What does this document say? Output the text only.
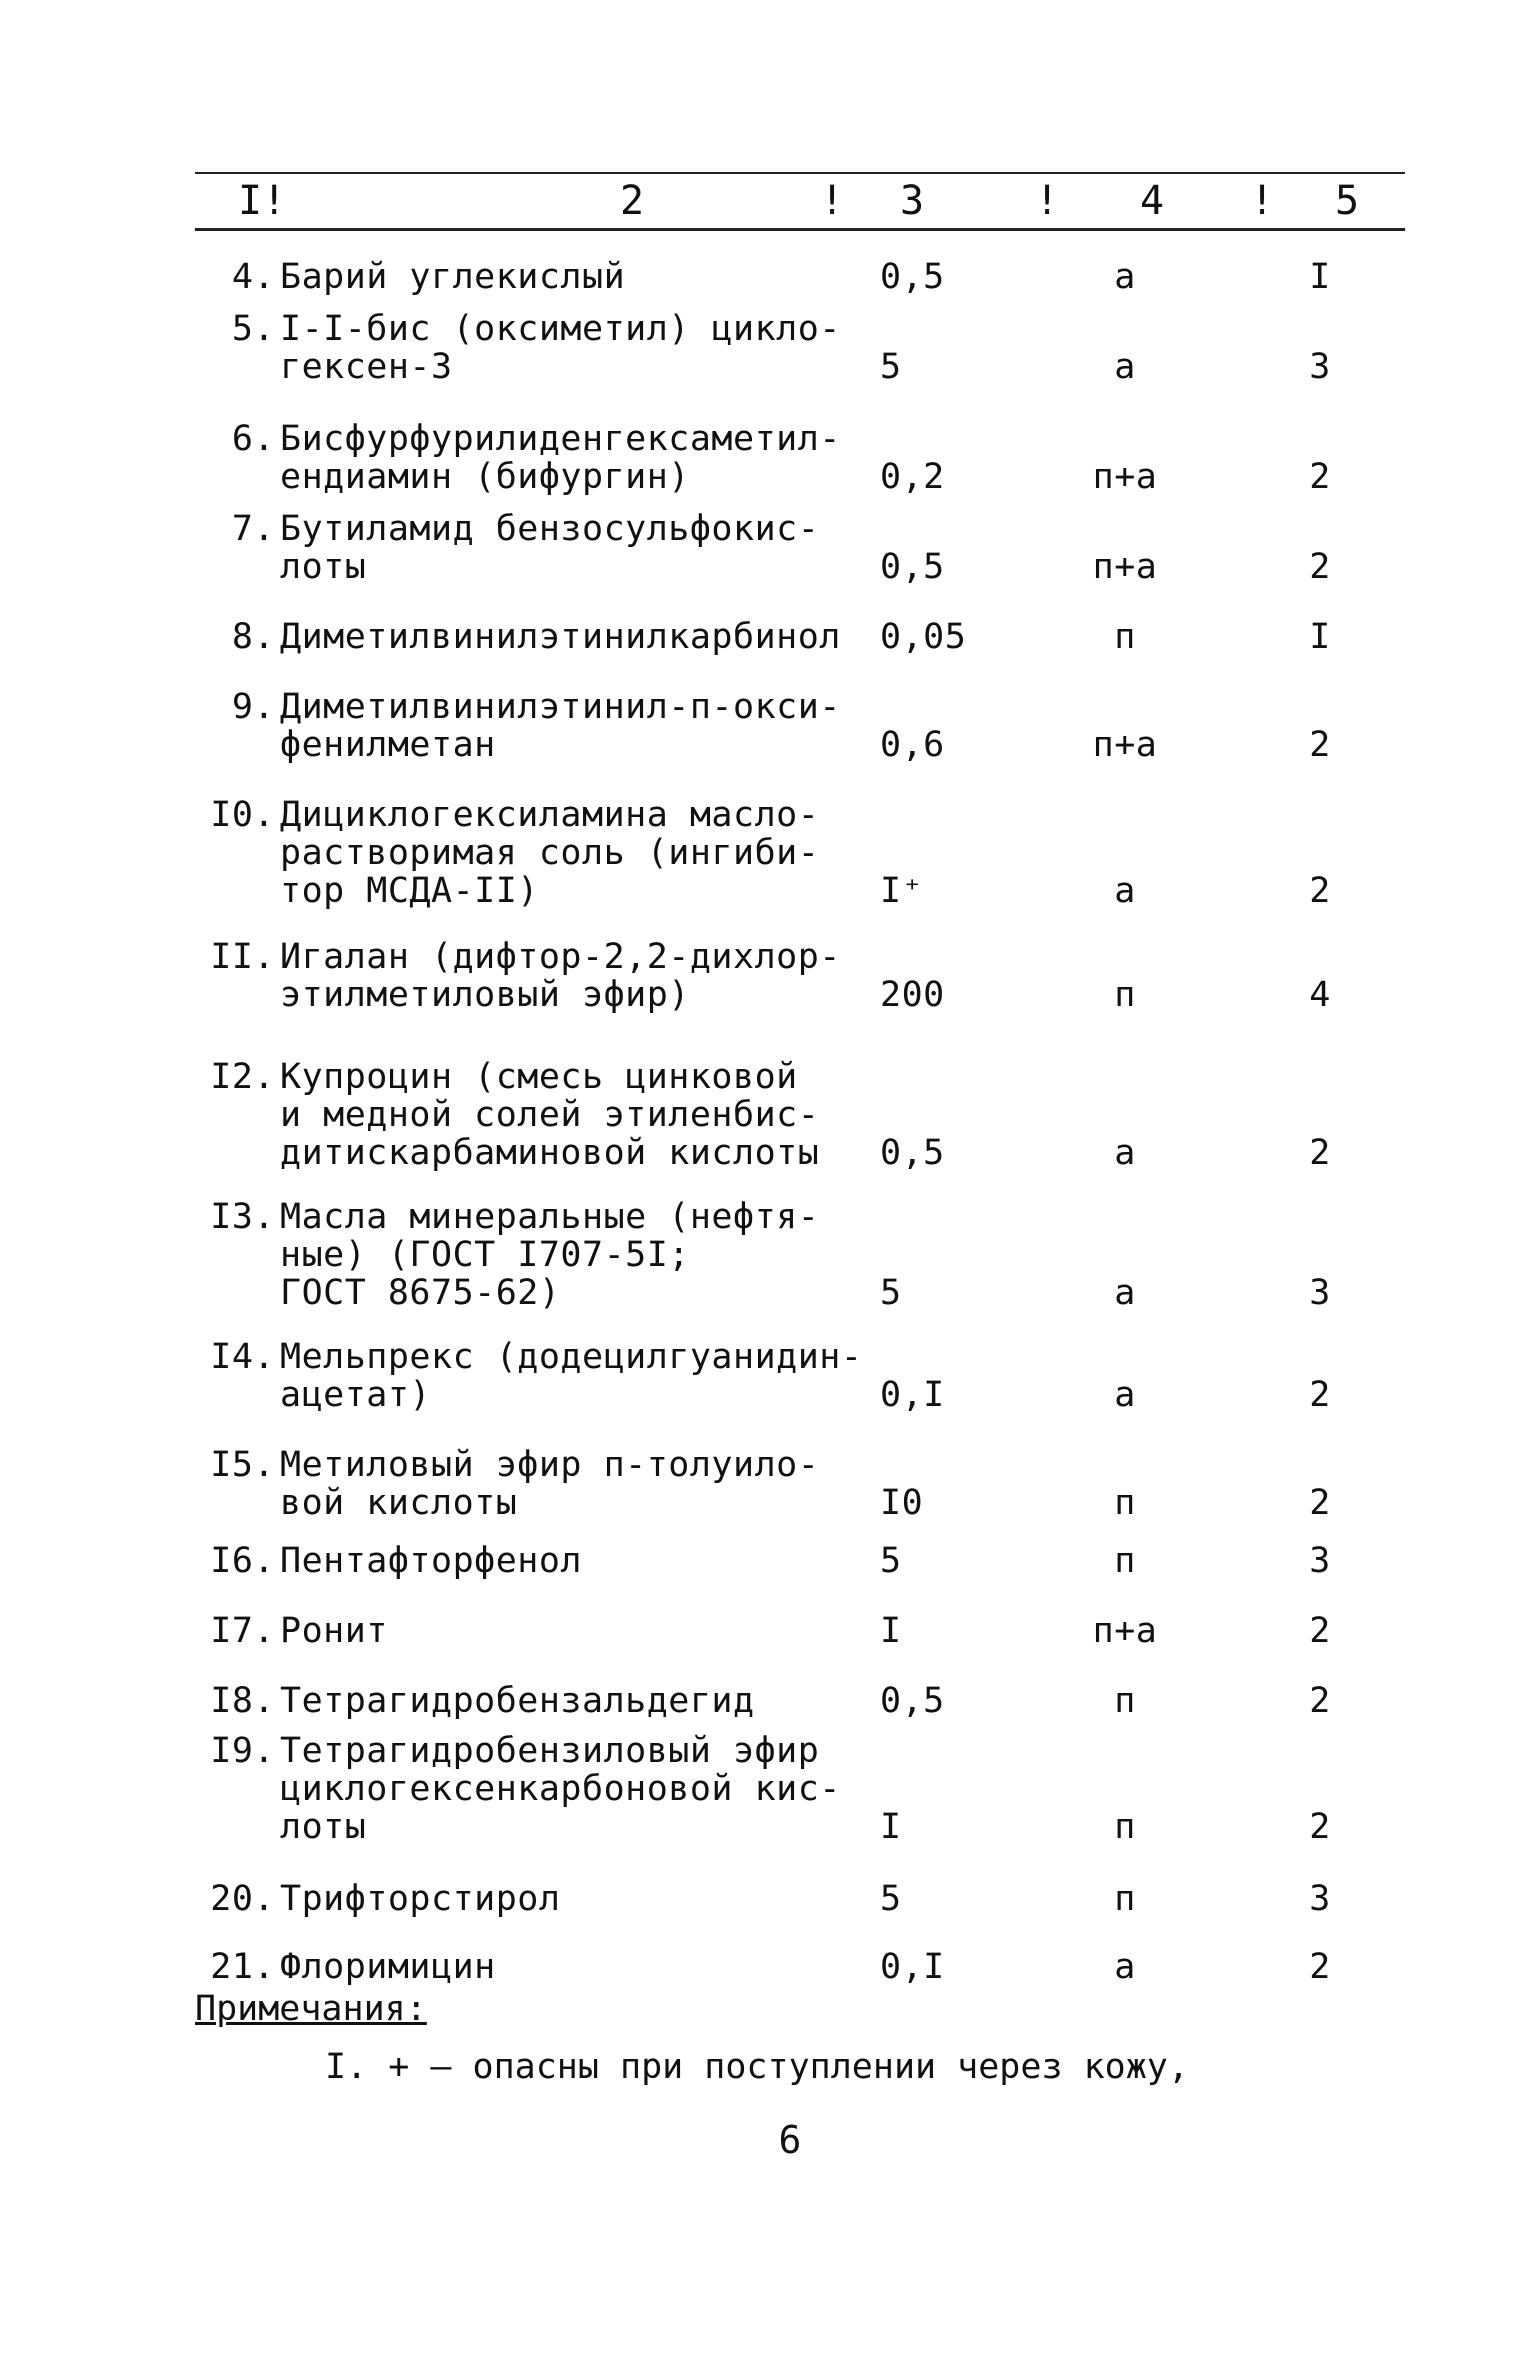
I!	2	! 3	! 4 ! 5
4. Барий углекислый	0,5	а	I
5. I-I-бис (оксиметил) цикло-
гексен-3	5	а	3
6. Бисфурфурилиденгексаметил-
ендиамин (бифургин)	0,2	п+а	2
7. Бутиламид бензосульфокис-
лоты	0,5	п+а	2
8. Диметилвинилэтинилкарбинол	0,05	п	I
9. Диметилвинилэтинил-п-окси-
фенилметан	0,6	п+а	2
I0. Дициклогексиламина масло-
растворимая соль (ингиби-
тор МСДА-II)	I⁺	а	2
II. Игалан (дифтор-2,2-дихлор-
этилметиловый эфир)	200	п	4
I2. Купроцин (смесь цинковой
и медной солей этиленбис-
дитискарбаминовой кислоты	0,5	а	2
I3. Масла минеральные (нефтя-
ные) (ГОСТ I707-5I;
ГОСТ 8675-62)	5	а	3
I4. Мельпрекс (додецилгуанидин-
ацетат)	0,I	а	2
I5. Метиловый эфир п-толуило-
вой кислоты	I0	п	2
I6. Пентафторфенол	5	п	3
I7. Ронит	I	п+а	2
I8. Тетрагидробензальдегид	0,5	п	2
I9. Тетрагидробензиловый эфир
циклогексенкарбоновой кис-
лоты	I	п	2
20. Трифторстирол	5	п	3
21. Флоримицин	0,I	а	2
Примечания:
I. + — опасны при поступлении через кожу,
6
